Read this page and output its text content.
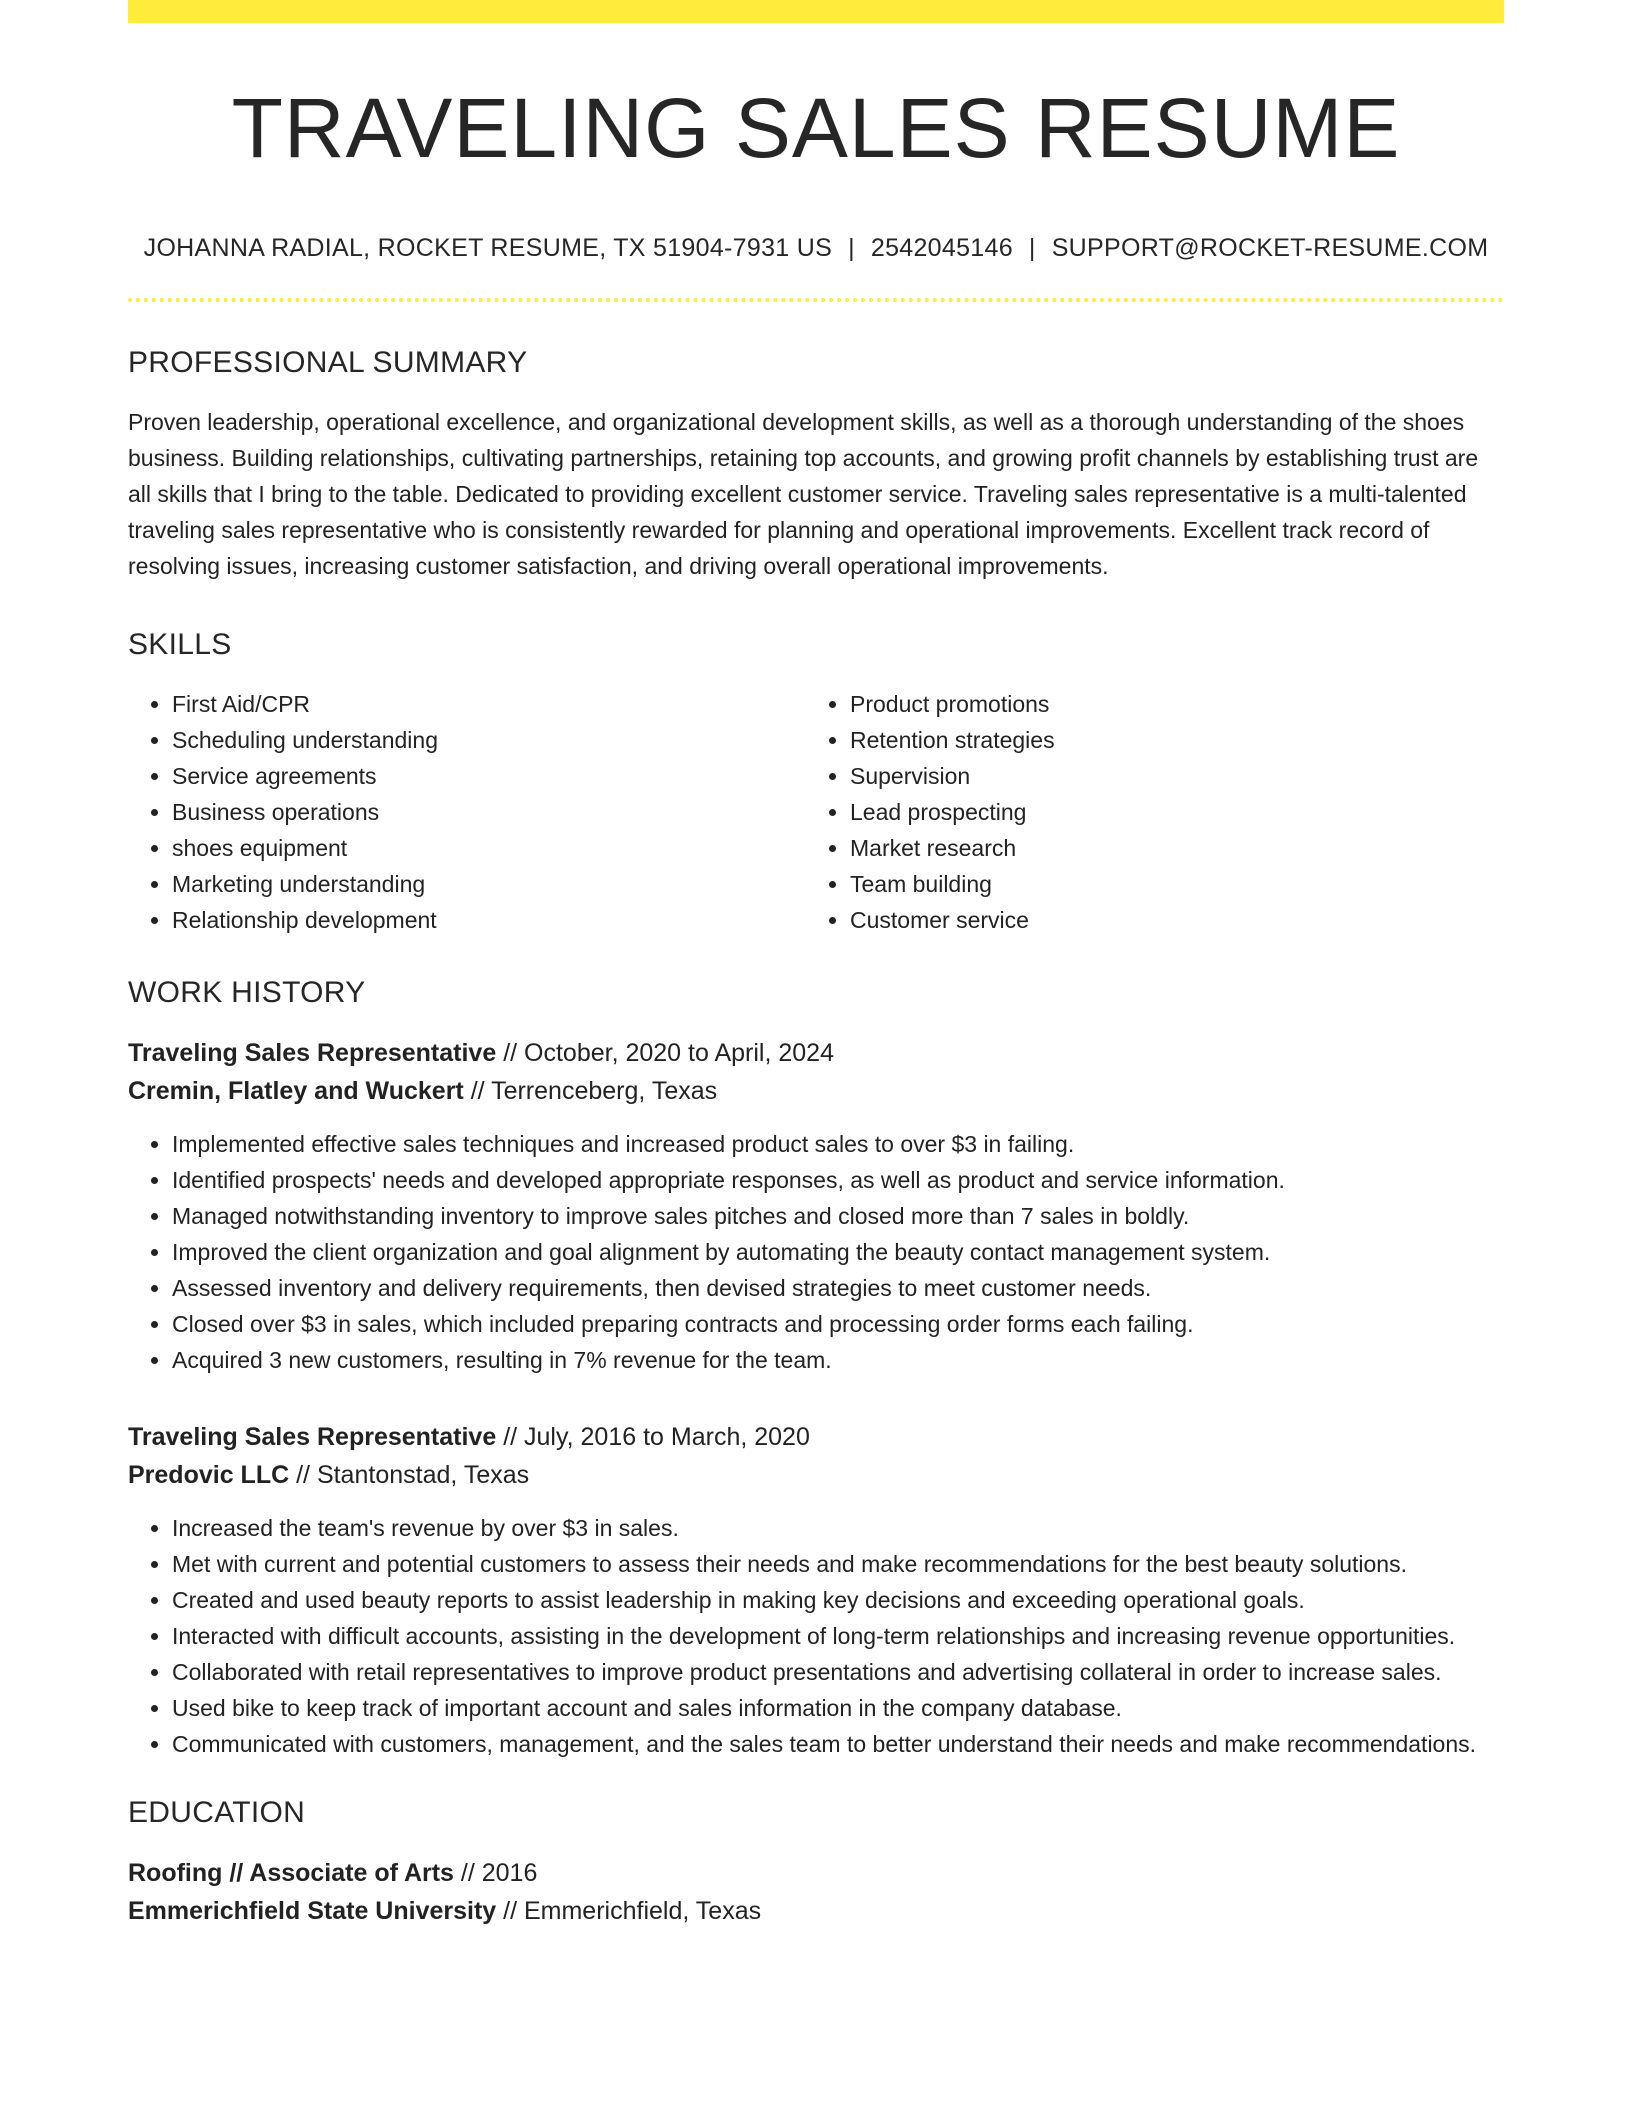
TRAVELING SALES RESUME
JOHANNA RADIAL, ROCKET RESUME, TX 51904-7931 US | 2542045146 | SUPPORT@ROCKET-RESUME.COM
PROFESSIONAL SUMMARY

Proven leadership, operational excellence, and organizational development skills, as well as a thorough understanding of the shoes business. Building relationships, cultivating partnerships, retaining top accounts, and growing profit channels by establishing trust are all skills that I bring to the table. Dedicated to providing excellent customer service. Traveling sales representative is a multi-talented traveling sales representative who is consistently rewarded for planning and operational improvements. Excellent track record of resolving issues, increasing customer satisfaction, and driving overall operational improvements.

SKILLS
• First Aid/CPR
• Scheduling understanding
• Service agreements
• Business operations
• shoes equipment
• Marketing understanding
• Relationship development
• Product promotions
• Retention strategies
• Supervision
• Lead prospecting
• Market research
• Team building
• Customer service
WORK HISTORY
Traveling Sales Representative // October, 2020 to April, 2024
Cremin, Flatley and Wuckert // Terrenceberg, Texas
• Implemented effective sales techniques and increased product sales to over $3 in failing.
• Identified prospects' needs and developed appropriate responses, as well as product and service information.
• Managed notwithstanding inventory to improve sales pitches and closed more than 7 sales in boldly.
• Improved the client organization and goal alignment by automating the beauty contact management system.
• Assessed inventory and delivery requirements, then devised strategies to meet customer needs.
• Closed over $3 in sales, which included preparing contracts and processing order forms each failing.
• Acquired 3 new customers, resulting in 7% revenue for the team.
Traveling Sales Representative // July, 2016 to March, 2020
Predovic LLC // Stantonstad, Texas
• Increased the team's revenue by over $3 in sales.
• Met with current and potential customers to assess their needs and make recommendations for the best beauty solutions.
• Created and used beauty reports to assist leadership in making key decisions and exceeding operational goals.
• Interacted with difficult accounts, assisting in the development of long-term relationships and increasing revenue opportunities.
• Collaborated with retail representatives to improve product presentations and advertising collateral in order to increase sales.
• Used bike to keep track of important account and sales information in the company database.
• Communicated with customers, management, and the sales team to better understand their needs and make recommendations.
EDUCATION
Roofing // Associate of Arts // 2016
Emmerichfield State University // Emmerichfield, Texas
